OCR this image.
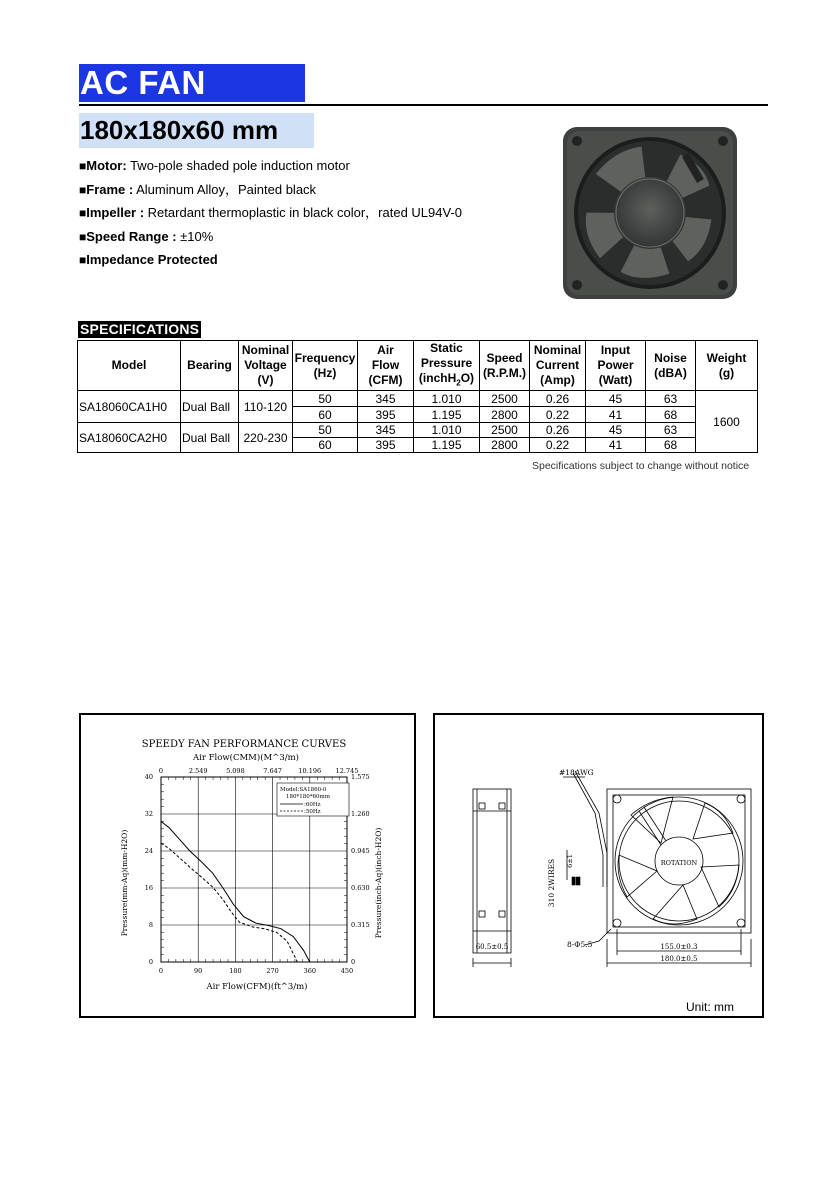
AC FAN
180x180x60 mm
■Motor: Two-pole shaded pole induction motor
■Frame : Aluminum Alloy，Painted black
■Impeller : Retardant thermoplastic in black color，rated UL94V-0
■Speed Range : ±10%
■Impedance Protected
SPECIFICATIONS
Model	Bearing	Nominal
Voltage
(V)	Frequency
(Hz)	Air
Flow
(CFM)	Static
Pressure
(inchH$_2$O)	Speed
(R.P.M.)	Nominal
Current
(Amp)	Input
Power
(Watt)	Noise
(dBA)	Weight
(g)
SA18060CA1H0	Dual Ball	110-120	50	345	1.010	2500	0.26	45	63	1600
			60	395	1.195	2800	0.22	41	68	
SA18060CA2H0	Dual Ball	220-230	50	345	1.010	2500	0.26	45	63	
			60	395	1.195	2800	0.22	41	68	
Specifications subject to change without notice
SPEEDY FAN PERFORMANCE CURVES
Air Flow(CMM)(M^3/m)
Air Flow(CFM)(ft^3/m)
Pressure(mm-Aq)(mm-H2O)	Pressure(inch-Aq)(inch-H2O)
0
0
90
2.549
180
5.098
270
7.647
360
10.196
450
12.745
0	0
8	0.315
16	0.630
24	0.945
32	1.260
40	1.575
Model:SA1860-0
180*180*60mm
:60Hz
:50Hz
60.5±0.5
#18AWG
310 2WIRES 6±1	ROTATION
8-Φ5.5	155.0±0.3
180.0±0.5
Unit: mm
